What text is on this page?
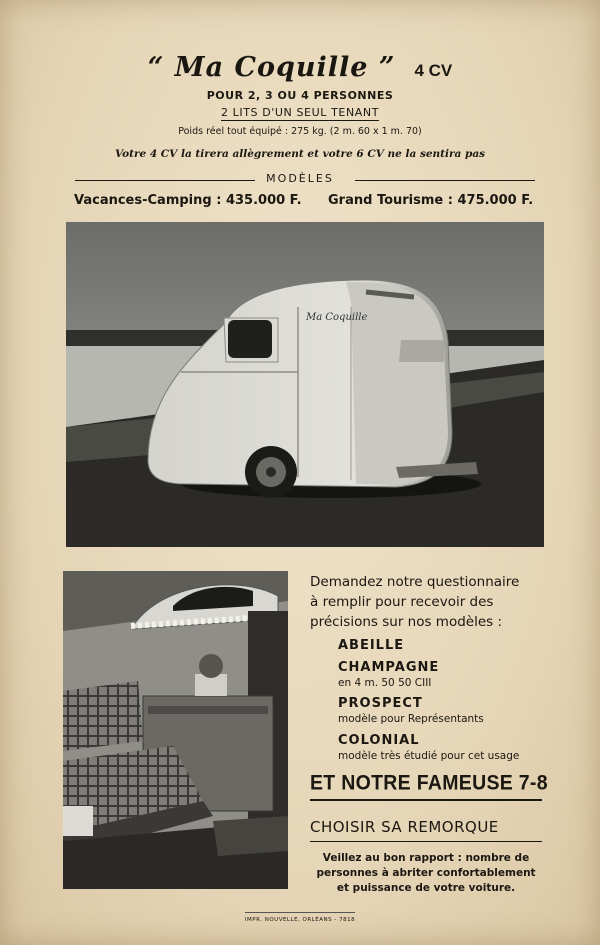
“ Ma Coquille ” 4 CV
POUR 2, 3 OU 4 PERSONNES
2 LITS D'UN SEUL TENANT
Poids réel tout équipé : 275 kg. (2 m. 60 x 1 m. 70)
Votre 4 CV la tirera allègrement et votre 6 CV ne la sentira pas
MODÈLES
Vacances-Camping : 435.000 F. Grand Tourisme : 475.000 F.
Ma Coquille
Demandez notre questionnaire
à remplir pour recevoir des
précisions sur nos modèles :
ABEILLE
CHAMPAGNE
en 4 m. 50 50 CIII
PROSPECT
modèle pour Représentants
COLONIAL
modèle très étudié pour cet usage
ET NOTRE FAMEUSE 7-8
CHOISIR SA REMORQUE
Veillez au bon rapport : nombre de
personnes à abriter confortablement
et puissance de votre voiture.
IMPR. NOUVELLE, ORLÉANS - 7818
